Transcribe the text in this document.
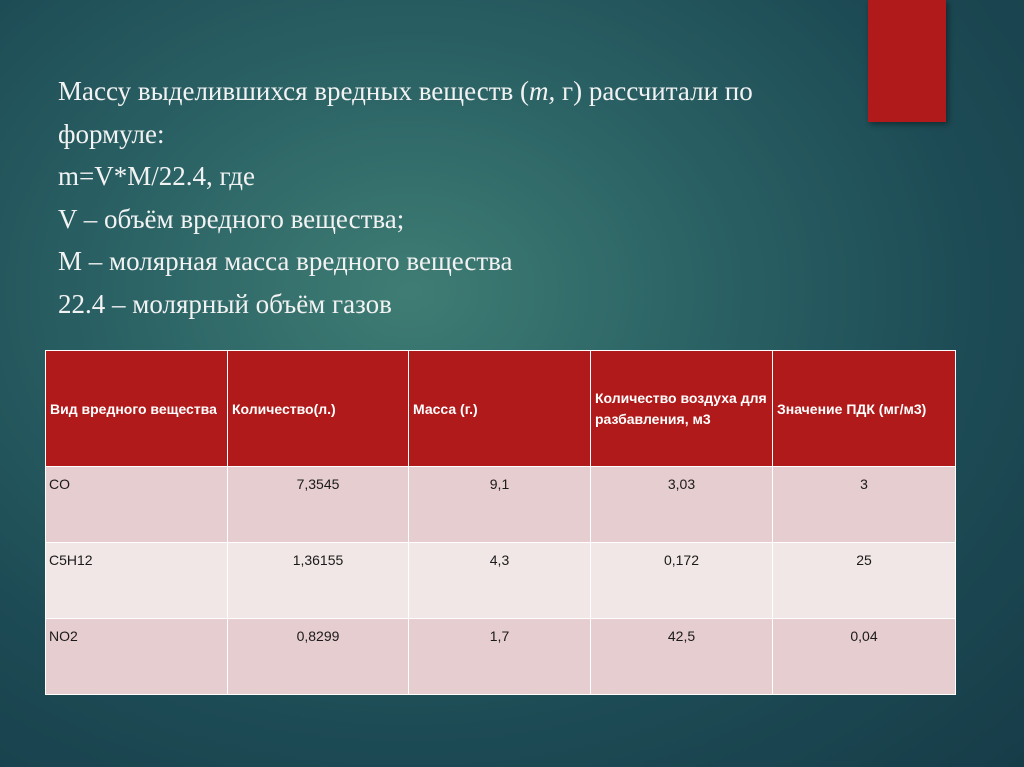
Массу выделившихся вредных веществ (m, г) рассчитали по
формуле:
m=V*M/22.4, где
V – объём вредного вещества;
M – молярная масса вредного вещества
22.4 – молярный объём газов
Вид вредного вещества	Количество(л.)	Масса (г.)	Количество воздуха для разбавления, м3	Значение ПДК (мг/м3)
CO	7,3545	9,1	3,03	3
C5H12	1,36155	4,3	0,172	25
NO2	0,8299	1,7	42,5	0,04
